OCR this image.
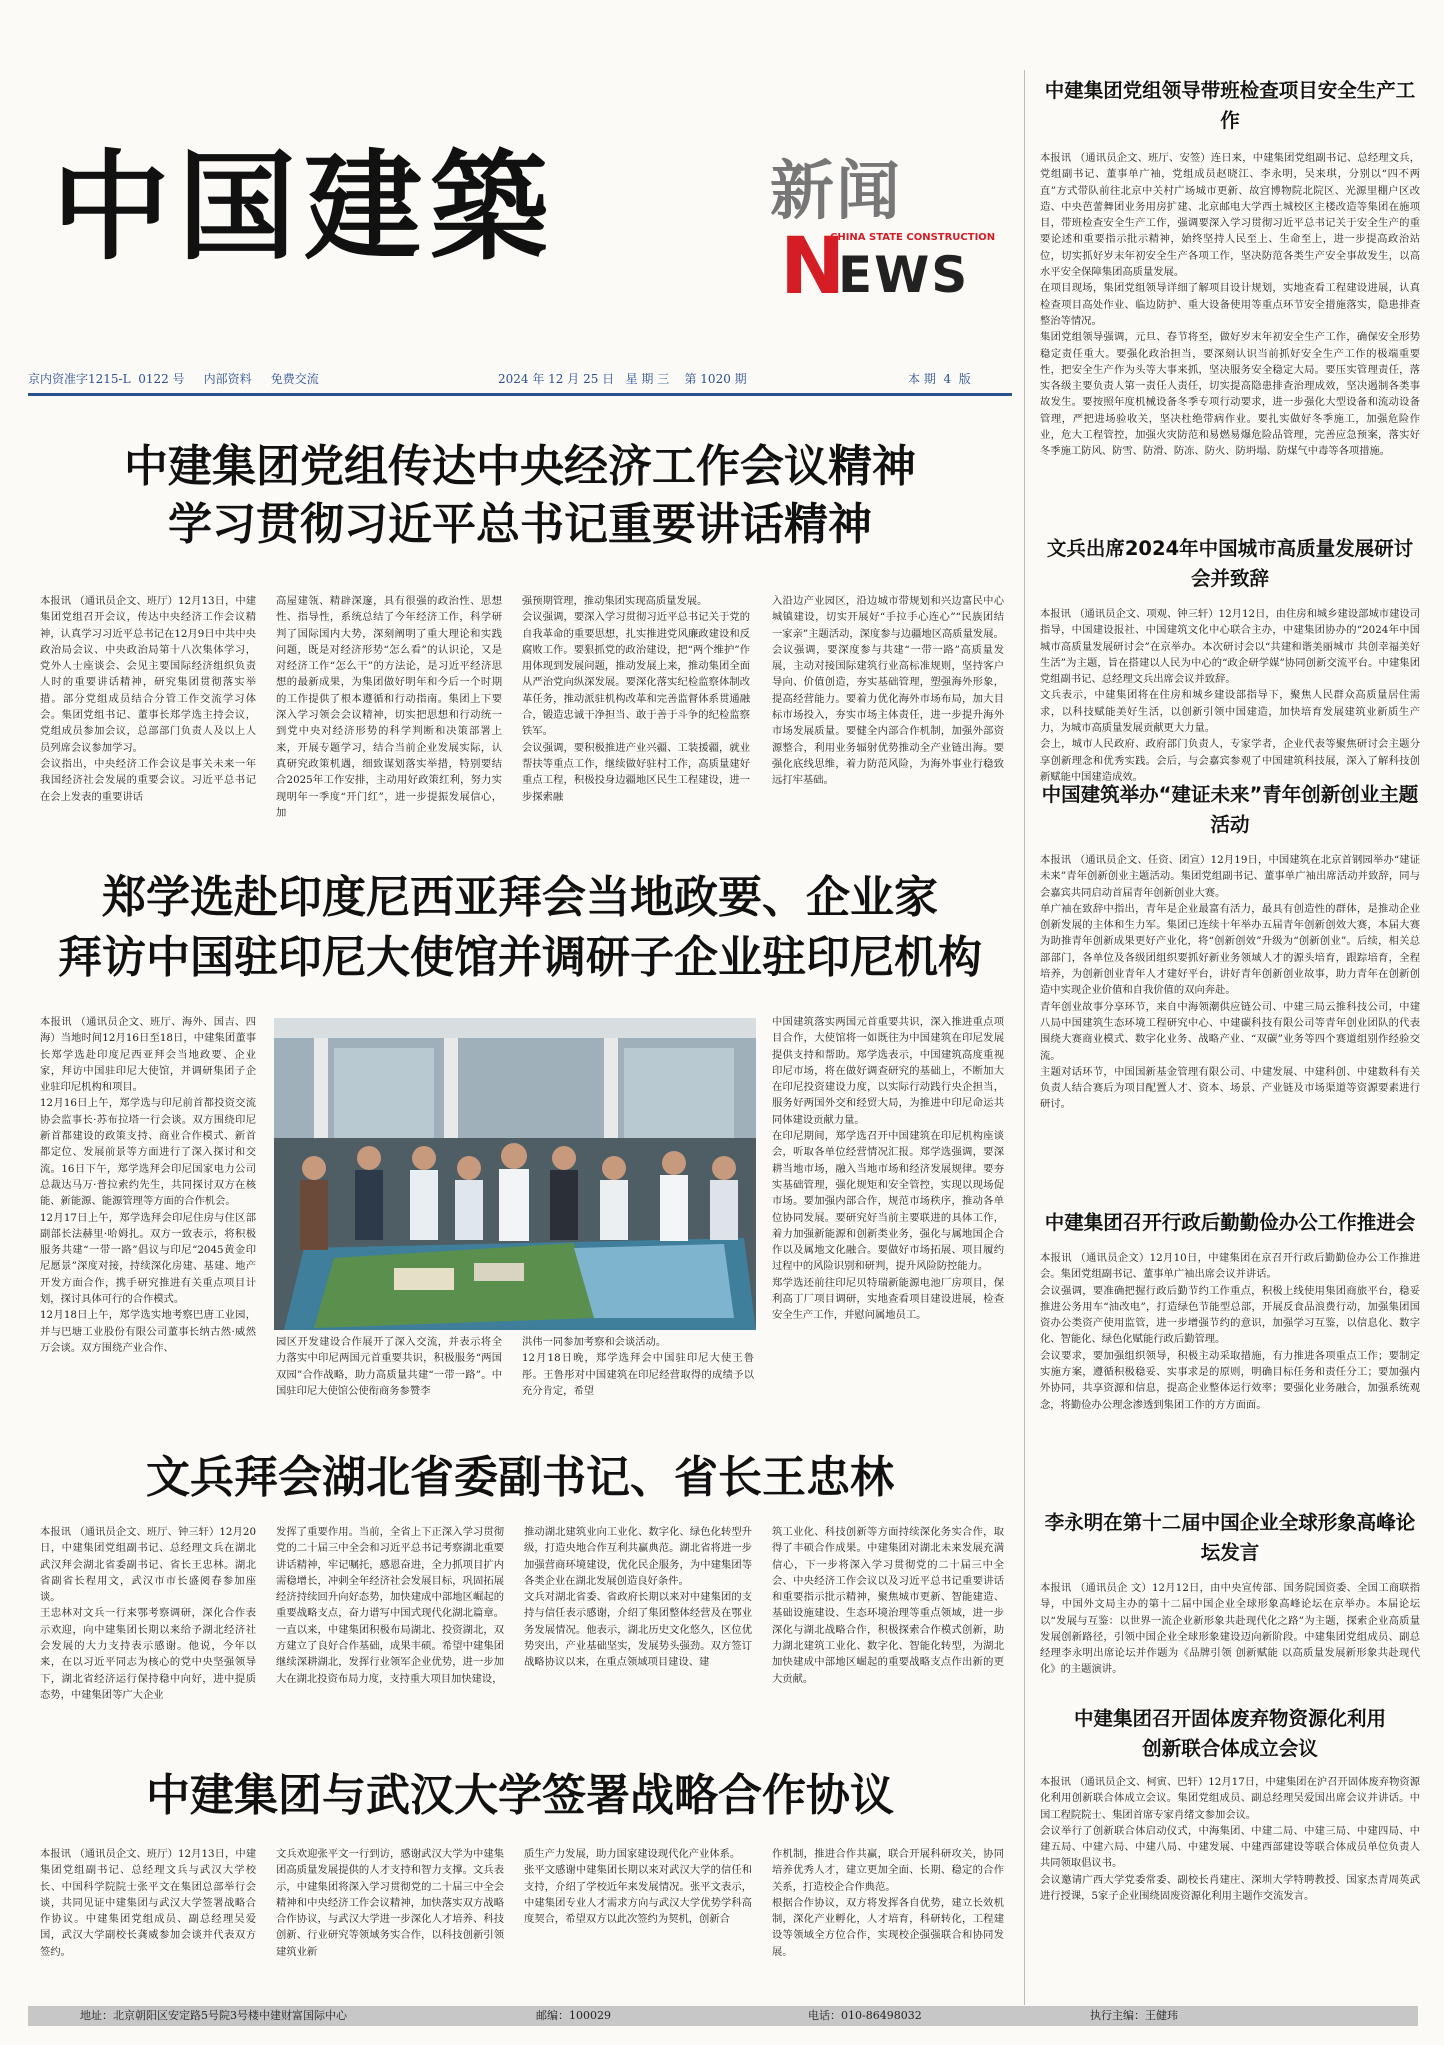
中国建築	新闻
CHINA STATE CONSTRUCTION
N
EWS
京内资准字1215-L  0122 号     内部资料     免费交流	2024 年 12 月 25 日   星 期 三    第 1020 期	本 期  4  版
中建集团党组传达中央经济工作会议精神
学习贯彻习近平总书记重要讲话精神

本报讯 （通讯员企文、班厅）12月13日，中建集团党组召开会议，传达中央经济工作会议精神，认真学习习近平总书记在12月9日中共中央政治局会议、中央政治局第十八次集体学习，党外人士座谈会、会见主要国际经济组织负责人时的重要讲话精神，研究集团贯彻落实举措。部分党组成员结合分管工作交流学习体会。集团党组书记、董事长郑学选主持会议，党组成员参加会议，总部部门负责人及以上人员列席会议参加学习。
会议指出，中央经济工作会议是事关未来一年我国经济社会发展的重要会议。习近平总书记在会上发表的重要讲话

高屋建瓴、精辟深邃，具有很强的政治性、思想性、指导性，系统总结了今年经济工作，科学研判了国际国内大势，深刻阐明了重大理论和实践问题，既是对经济形势“怎么看”的认识论，又是对经济工作“怎么干”的方法论，是习近平经济思想的最新成果，为集团做好明年和今后一个时期的工作提供了根本遵循和行动指南。集团上下要深入学习领会会议精神，切实把思想和行动统一到党中央对经济形势的科学判断和决策部署上来，开展专题学习，结合当前企业发展实际，认真研究政策机遇，细致谋划落实举措，特别要结合2025年工作安排，主动用好政策红利，努力实现明年一季度“开门红”，进一步提振发展信心，加

强预期管理，推动集团实现高质量发展。
会议强调，要深入学习贯彻习近平总书记关于党的自我革命的重要思想，扎实推进党风廉政建设和反腐败工作。要狠抓党的政治建设，把“两个维护”作用体现到发展问题，推动发展上来，推动集团全面从严治党向纵深发展。要深化落实纪检监察体制改革任务，推动派驻机构改革和完善监督体系贯通融合，锻造忠诚干净担当、敢于善于斗争的纪检监察铁军。
会议强调，要积极推进产业兴疆、工装援疆，就业帮扶等重点工作，继续做好驻村工作，高质量建好重点工程，积极投身边疆地区民生工程建设，进一步探索融

入沿边产业园区，沿边城市带规划和兴边富民中心城镇建设，切实开展好“手拉手心连心”“民族团结一家亲”主题活动，深度参与边疆地区高质量发展。
会议强调，要深度参与共建“一带一路”高质量发展，主动对接国际建筑行业高标准规则，坚持客户导向、价值创造，夯实基础管理，塑强海外形象，提高经营能力。要着力优化海外市场布局，加大目标市场投入，夯实市场主体责任，进一步提升海外市场发展质量。要健全内部合作机制，加强外部资源整合，利用业务辐射优势推动全产业链出海。要强化底线思维，着力防范风险，为海外事业行稳致远打牢基础。

郑学选赴印度尼西亚拜会当地政要、企业家
拜访中国驻印尼大使馆并调研子企业驻印尼机构

本报讯 （通讯员企文、班厅、海外、国吉、四海）当地时间12月16日至18日，中建集团董事长郑学选赴印度尼西亚拜会当地政要、企业家，拜访中国驻印尼大使馆，并调研集团子企业驻印尼机构和项目。
12月16日上午，郑学选与印尼前首都投资交流协会监事长·苏布拉塔一行会谈。双方围绕印尼新首都建设的政策支持、商业合作模式、新首都定位、发展前景等方面进行了深入探讨和交流。16日下午，郑学选拜会印尼国家电力公司总裁达马万·普拉索约先生，共同探讨双方在核能、新能源、能源管理等方面的合作机会。
12月17日上午，郑学选拜会印尼住房与住区部副部长法赫里·哈姆扎。双方一致表示，将积极服务共建“一带一路”倡议与印尼“2045黄金印尼愿景”深度对接，持续深化房建、基建、地产开发方面合作，携手研究推进有关重点项目计划，探讨具体可行的合作模式。
12月18日上午，郑学选实地考察巴唐工业园，并与巴塘工业股份有限公司董事长纳古然·威然万会谈。双方围绕产业合作、	园区开发建设合作展开了深入交流，并表示将全力落实中印尼两国元首重要共识，积极服务“两国双园”合作战略，助力高质量共建“一带一路”。中国驻印尼大使馆公使衔商务参赞李

洪伟一同参加考察和会谈活动。
12月18日晚，郑学选拜会中国驻印尼大使王鲁彤。王鲁彤对中国建筑在印尼经营取得的成绩予以充分肯定，希望

中国建筑落实两国元首重要共识，深入推进重点项目合作，大使馆将一如既往为中国建筑在印尼发展提供支持和帮助。郑学选表示，中国建筑高度重视印尼市场，将在做好调查研究的基础上，不断加大在印尼投资建设力度，以实际行动践行央企担当，服务好两国外交和经贸大局，为推进中印尼命运共同体建设贡献力量。
在印尼期间，郑学选召开中国建筑在印尼机构座谈会，听取各单位经营情况汇报。郑学选强调，要深耕当地市场，融入当地市场和经济发展规律。要夯实基础管理，强化规矩和安全管控，实现以现场促市场。要加强内部合作，规范市场秩序，推动各单位协同发展。要研究好当前主要联进的具体工作，着力加强新能源和创新类业务，强化与属地国企合作以及属地文化融合。要做好市场拓展、项目履约过程中的风险识别和研判，提升风险防控能力。
郑学选还前往印尼贝特瑞新能源电池厂房项目，保利高丁厂项目调研，实地查看项目建设进展，检查安全生产工作，并慰问属地员工。

文兵拜会湖北省委副书记、省长王忠林

本报讯 （通讯员企文、班厅、钟三轩）12月20日，中建集团党组副书记、总经理文兵在湖北武汉拜会湖北省委副书记、省长王忠林。湖北省副省长程用文，武汉市市长盛阅春参加座谈。
王忠林对文兵一行来鄂考察调研，深化合作表示欢迎，向中建集团长期以来给予湖北经济社会发展的大力支持表示感谢。他说，今年以来，在以习近平同志为核心的党中央坚强领导下，湖北省经济运行保持稳中向好，进中提质态势，中建集团等广大企业

发挥了重要作用。当前，全省上下正深入学习贯彻党的二十届三中全会和习近平总书记考察湖北重要讲话精神，牢记嘱托，感恩奋进，全力抓项目扩内需稳增长，冲刺全年经济社会发展目标，巩固拓展经济持续回升向好态势，加快建成中部地区崛起的重要战略支点，奋力谱写中国式现代化湖北篇章。一直以来，中建集团积极布局湖北、投资湖北，双方建立了良好合作基础，成果丰硕。希望中建集团继续深耕湖北，发挥行业领军企业优势，进一步加大在湖北投资布局力度，支持重大项目加快建设，

推动湖北建筑业向工业化、数字化、绿色化转型升级，打造央地合作互利共赢典范。湖北省将进一步加强营商环境建设，优化民企服务，为中建集团等各类企业在湖北发展创造良好条件。
文兵对湖北省委、省政府长期以来对中建集团的支持与信任表示感谢，介绍了集团整体经营及在鄂业务发展情况。他表示，湖北历史文化悠久，区位优势突出，产业基础坚实，发展势头强劲。双方签订战略协议以来，在重点领域项目建设、建

筑工业化、科技创新等方面持续深化务实合作，取得了丰硕合作成果。中建集团对湖北未来发展充满信心，下一步将深入学习贯彻党的二十届三中全会、中央经济工作会议以及习近平总书记重要讲话和重要指示批示精神，聚焦城市更新、智能建造、基础设施建设、生态环境治理等重点领域，进一步深化与湖北战略合作，积极探索合作模式创新，助力湖北建筑工业化、数字化、智能化转型，为湖北加快建成中部地区崛起的重要战略支点作出新的更大贡献。

中建集团与武汉大学签署战略合作协议

本报讯 （通讯员企文、班厅）12月13日，中建集团党组副书记、总经理文兵与武汉大学校长、中国科学院院士张平文在集团总部举行会谈，共同见证中建集团与武汉大学签署战略合作协议。中建集团党组成员、副总经理吴爱国，武汉大学副校长龚威参加会谈并代表双方签约。

文兵欢迎张平文一行到访，感谢武汉大学为中建集团高质量发展提供的人才支持和智力支撑。文兵表示，中建集团将深入学习贯彻党的二十届三中全会精神和中央经济工作会议精神，加快落实双方战略合作协议，与武汉大学进一步深化人才培养、科技创新、行业研究等领域务实合作，以科技创新引领建筑业新

质生产力发展，助力国家建设现代化产业体系。
张平文感谢中建集团长期以来对武汉大学的信任和支持，介绍了学校近年来发展情况。张平文表示，中建集团专业人才需求方向与武汉大学优势学科高度契合，希望双方以此次签约为契机，创新合

作机制，推进合作共赢，联合开展科研攻关，协同培养优秀人才，建立更加全面、长期、稳定的合作关系，打造校企合作典范。
根据合作协议，双方将发挥各自优势，建立长效机制，深化产业孵化，人才培育，科研转化，工程建设等领域全方位合作，实现校企强强联合和协同发展。

中建集团党组领导带班检查项目安全生产工作

本报讯 （通讯员企文、班厅、安签）连日来，中建集团党组副书记、总经理文兵，党组副书记、董事单广袖，党组成员赵晓江、李永明，吴来琪，分别以“四不两直”方式带队前往北京中关村广场城市更新、故宫博物院北院区、光源里棚户区改造、中央芭蕾舞团业务用房扩建、北京邮电大学西土城校区主楼改造等集团在施项目，带班检查安全生产工作，强调要深入学习贯彻习近平总书记关于安全生产的重要论述和重要指示批示精神，始终坚持人民至上、生命至上，进一步提高政治站位，切实抓好岁末年初安全生产各项工作，坚决防范各类生产安全事故发生，以高水平安全保障集团高质量发展。
在项目现场，集团党组领导详细了解项目设计规划，实地查看工程建设进展，认真检查项目高处作业、临边防护、重大设备使用等重点环节安全措施落实，隐患排查整治等情况。
集团党组领导强调，元旦、春节将至，做好岁末年初安全生产工作，确保安全形势稳定责任重大。要强化政治担当，要深刻认识当前抓好安全生产工作的极端重要性，把安全生产作为头等大事来抓，坚决服务安全稳定大局。要压实管理责任，落实各级主要负责人第一责任人责任，切实提高隐患排查治理成效，坚决遏制各类事故发生。要按照年度机械设备冬季专项行动要求，进一步强化大型设备和流动设备管理，严把进场验收关，坚决杜绝带病作业。要扎实做好冬季施工，加强危险作业，危大工程管控，加强火灾防范和易燃易爆危险品管理，完善应急预案，落实好冬季施工防风、防雪、防滑、防冻、防火、防坍塌、防煤气中毒等各项措施。

文兵出席2024年中国城市高质量发展研讨会并致辞

本报讯 （通讯员企文、项观、钟三轩）12月12日，由住房和城乡建设部城市建设司指导，中国建设报社、中国建筑文化中心联合主办，中建集团协办的“2024年中国城市高质量发展研讨会”在京举办。本次研讨会以“共建和谐美丽城市 共创幸福美好生活”为主题，旨在搭建以人民为中心的“政企研学媒”协同创新交流平台。中建集团党组副书记、总经理文兵出席会议并致辞。
文兵表示，中建集团将在住房和城乡建设部指导下，聚焦人民群众高质量居住需求，以科技赋能美好生活，以创新引领中国建造，加快培育发展建筑业新质生产力，为城市高质量发展贡献更大力量。
会上，城市人民政府、政府部门负责人，专家学者，企业代表等聚焦研讨会主题分享创新理念和优秀实践。会后，与会嘉宾参观了中国建筑科技展，深入了解科技创新赋能中国建造成效。

中国建筑举办“建证未来”青年创新创业主题活动

本报讯 （通讯员企文、任资、团宣）12月19日，中国建筑在北京首钢园举办“建证未来”青年创新创业主题活动。集团党组副书记、董事单广袖出席活动并致辞，同与会嘉宾共同启动首届青年创新创业大赛。
单广袖在致辞中指出，青年是企业最富有活力，最具有创造性的群体，是推动企业创新发展的主体和生力军。集团已连续十年举办五届青年创新创效大赛，本届大赛为助推青年创新成果更好产业化，将“创新创效”升级为“创新创业”。后续，相关总部部门，各单位及各级团组织要抓好新业务领域人才的源头培育，跟踪培育，全程培养，为创新创业青年人才建好平台，讲好青年创新创业故事，助力青年在创新创造中实现企业价值和自我价值的双向奔赴。
青年创业故事分享环节，来自中海领潮供应链公司、中建三局云推科技公司，中建八局中国建筑生态环境工程研究中心、中建碳科技有限公司等青年创业团队的代表围绕大赛商业模式、数字化业务、战略产业、“双碳”业务等四个赛道组别作经验交流。
主题对话环节，中国国新基金管理有限公司、中建发展、中建科创、中建数科有关负责人结合赛后为项目配置人才、资本、场景、产业链及市场渠道等资源要素进行研讨。

中建集团召开行政后勤勤俭办公工作推进会

本报讯 （通讯员企文）12月10日，中建集团在京召开行政后勤勤俭办公工作推进会。集团党组副书记、董事单广袖出席会议并讲话。
会议强调，要准确把握行政后勤节约工作重点，积极上线使用集团商旅平台，稳妥推进公务用车“油改电”，打造绿色节能型总部，开展反食品浪费行动，加强集团国资办公类资产使用监管，进一步增强节约的意识，加强学习互鉴，以信息化、数字化、智能化、绿色化赋能行政后勤管理。
会议要求，要加强组织领导，积极主动采取措施，有力推进各项重点工作；要制定实施方案，遵循积极稳妥、实事求是的原则，明确目标任务和责任分工；要加强内外协同，共享资源和信息，提高企业整体运行效率；要强化业务融合，加强系统观念，将勤俭办公理念渗透到集团工作的方方面面。

李永明在第十二届中国企业全球形象高峰论坛发言

本报讯 （通讯员企 文）12月12日，由中央宣传部、国务院国资委、全国工商联指导，中国外文局主办的第十二届中国企业全球形象高峰论坛在京举办。本届论坛以“发展与互鉴：以世界一流企业新形象共赴现代化之路”为主题，探索企业高质量发展创新路径，引领中国企业全球形象建设迈向新阶段。中建集团党组成员、副总经理李永明出席论坛并作题为《品牌引领 创新赋能 以高质量发展新形象共赴现代化》的主题演讲。

中建集团召开固体废弃物资源化利用
创新联合体成立会议

本报讯 （通讯员企文、柯寅、巴轩）12月17日，中建集团在沪召开固体废弃物资源化利用创新联合体成立会议。集团党组成员、副总经理吴爱国出席会议并讲话。中国工程院院士、集团首席专家肖绪文参加会议。
会议举行了创新联合体启动仪式，中海集团、中建二局、中建三局、中建四局、中建五局、中建六局、中建八局、中建发展、中建西部建设等联合体成员单位负责人共同领取倡议书。
会议邀请广西大学党委常委、副校长肖建庄、深圳大学特聘教授、国家杰青周英武进行授课，5家子企业围绕固废资源化利用主题作交流发言。

地址：北京朝阳区安定路5号院3号楼中建财富国际中心	邮编：100029	电话：010-86498032	执行主编：王健玮
